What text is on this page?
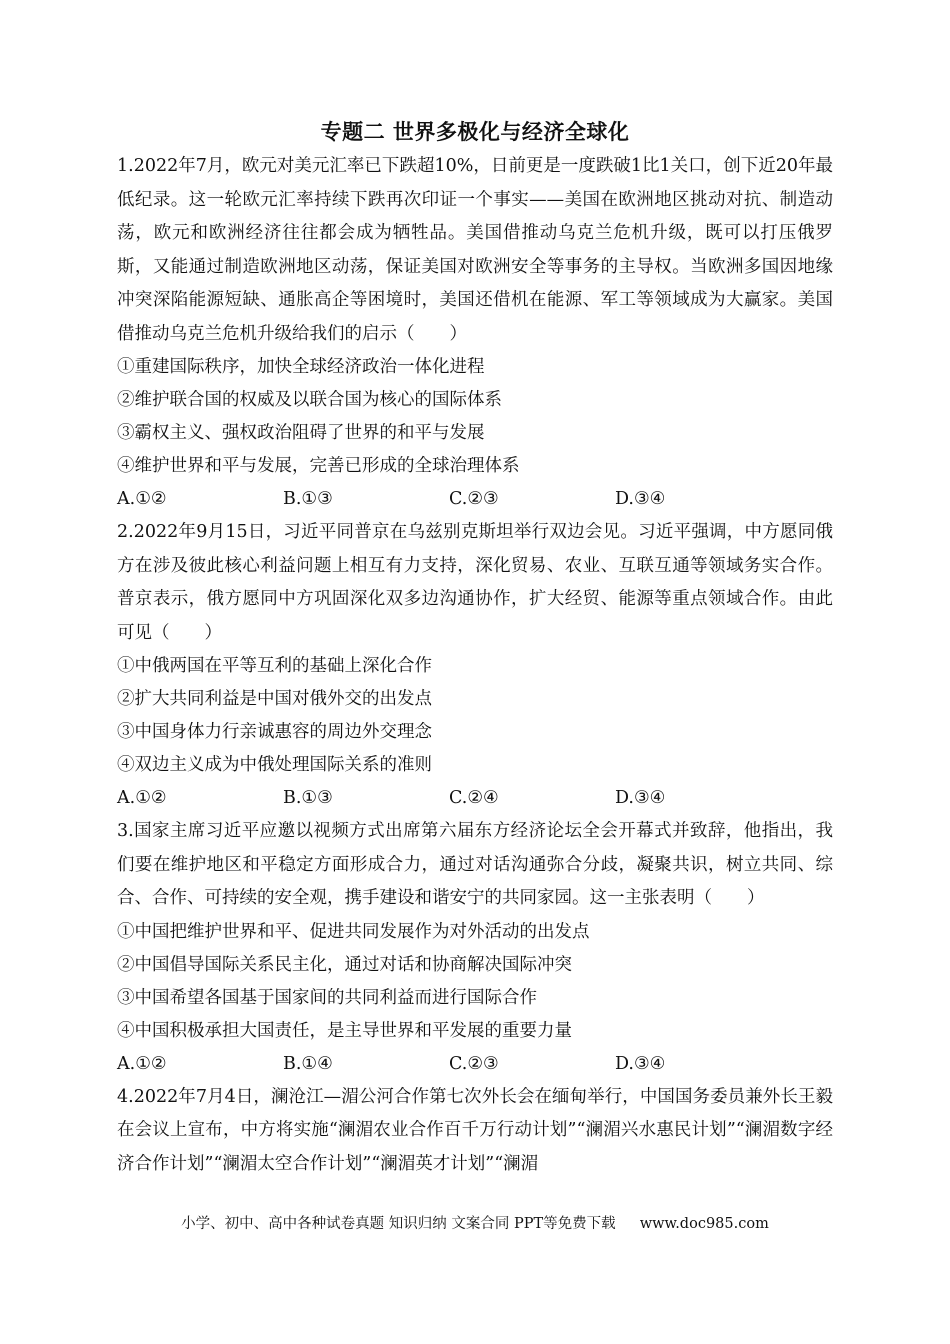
专题二 世界多极化与经济全球化
1.2022年7月，欧元对美元汇率已下跌超10%，日前更是一度跌破1比1关口，创下近20年最低纪录。这一轮欧元汇率持续下跌再次印证一个事实——美国在欧洲地区挑动对抗、制造动荡，欧元和欧洲经济往往都会成为牺牲品。美国借推动乌克兰危机升级，既可以打压俄罗斯，又能通过制造欧洲地区动荡，保证美国对欧洲安全等事务的主导权。当欧洲多国因地缘冲突深陷能源短缺、通胀高企等困境时，美国还借机在能源、军工等领域成为大赢家。美国借推动乌克兰危机升级给我们的启示（　　）
①重建国际秩序，加快全球经济政治一体化进程
②维护联合国的权威及以联合国为核心的国际体系
③霸权主义、强权政治阻碍了世界的和平与发展
④维护世界和平与发展，完善已形成的全球治理体系
A.①②	B.①③	C.②③	D.③④
2.2022年9月15日，习近平同普京在乌兹别克斯坦举行双边会见。习近平强调，中方愿同俄方在涉及彼此核心利益问题上相互有力支持，深化贸易、农业、互联互通等领域务实合作。普京表示，俄方愿同中方巩固深化双多边沟通协作，扩大经贸、能源等重点领域合作。由此可见（　　）
①中俄两国在平等互利的基础上深化合作
②扩大共同利益是中国对俄外交的出发点
③中国身体力行亲诚惠容的周边外交理念
④双边主义成为中俄处理国际关系的准则
A.①②	B.①③	C.②④	D.③④
3.国家主席习近平应邀以视频方式出席第六届东方经济论坛全会开幕式并致辞，他指出，我们要在维护地区和平稳定方面形成合力，通过对话沟通弥合分歧，凝聚共识，树立共同、综合、合作、可持续的安全观，携手建设和谐安宁的共同家园。这一主张表明（　　）
①中国把维护世界和平、促进共同发展作为对外活动的出发点
②中国倡导国际关系民主化，通过对话和协商解决国际冲突
③中国希望各国基于国家间的共同利益而进行国际合作
④中国积极承担大国责任，是主导世界和平发展的重要力量
A.①②	B.①④	C.②③	D.③④
4.2022年7月4日，澜沧江—湄公河合作第七次外长会在缅甸举行，中国国务委员兼外长王毅在会议上宣布，中方将实施“澜湄农业合作百千万行动计划”“澜湄兴水惠民计划”“澜湄数字经济合作计划”“澜湄太空合作计划”“澜湄英才计划”“澜湄
小学、初中、高中各种试卷真题 知识归纳 文案合同 PPT等免费下载 www.doc985.com
